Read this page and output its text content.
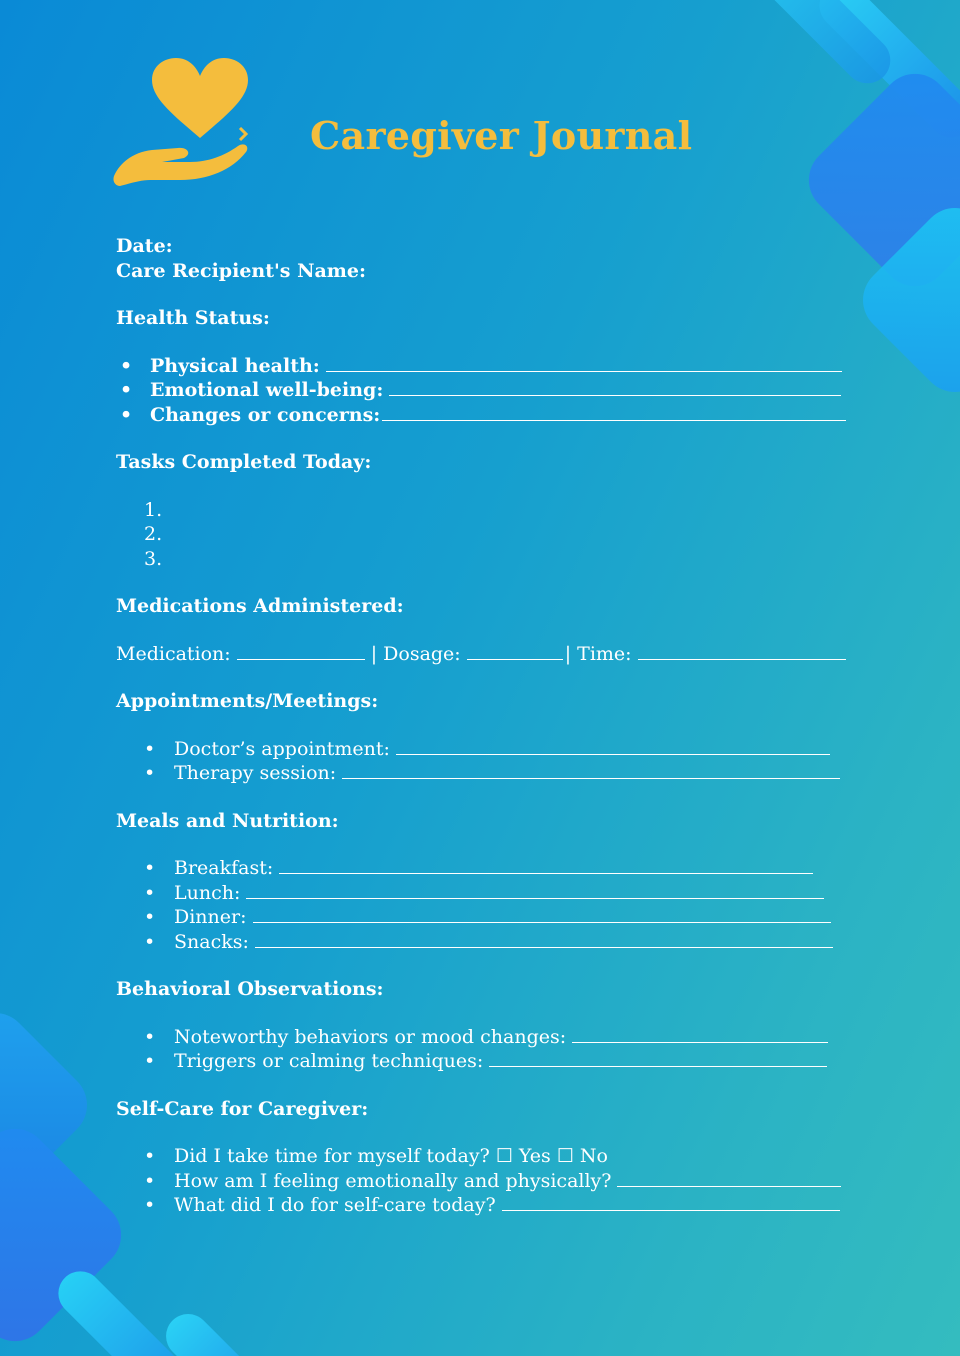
Caregiver Journal

Date:

Care Recipient's Name:

Health Status:

• Physical health:
• Emotional well-being:
• Changes or concerns:

Tasks Completed Today:

1.
2.
3.

Medications Administered:

Medication:	| Dosage:	| Time:

Appointments/Meetings:

• Doctor’s appointment:
• Therapy session:

Meals and Nutrition:

• Breakfast:
• Lunch:
• Dinner:
• Snacks:

Behavioral Observations:

• Noteworthy behaviors or mood changes:
• Triggers or calming techniques:

Self-Care for Caregiver:

• Did I take time for myself today? ☐ Yes ☐ No
• How am I feeling emotionally and physically?
• What did I do for self-care today?
